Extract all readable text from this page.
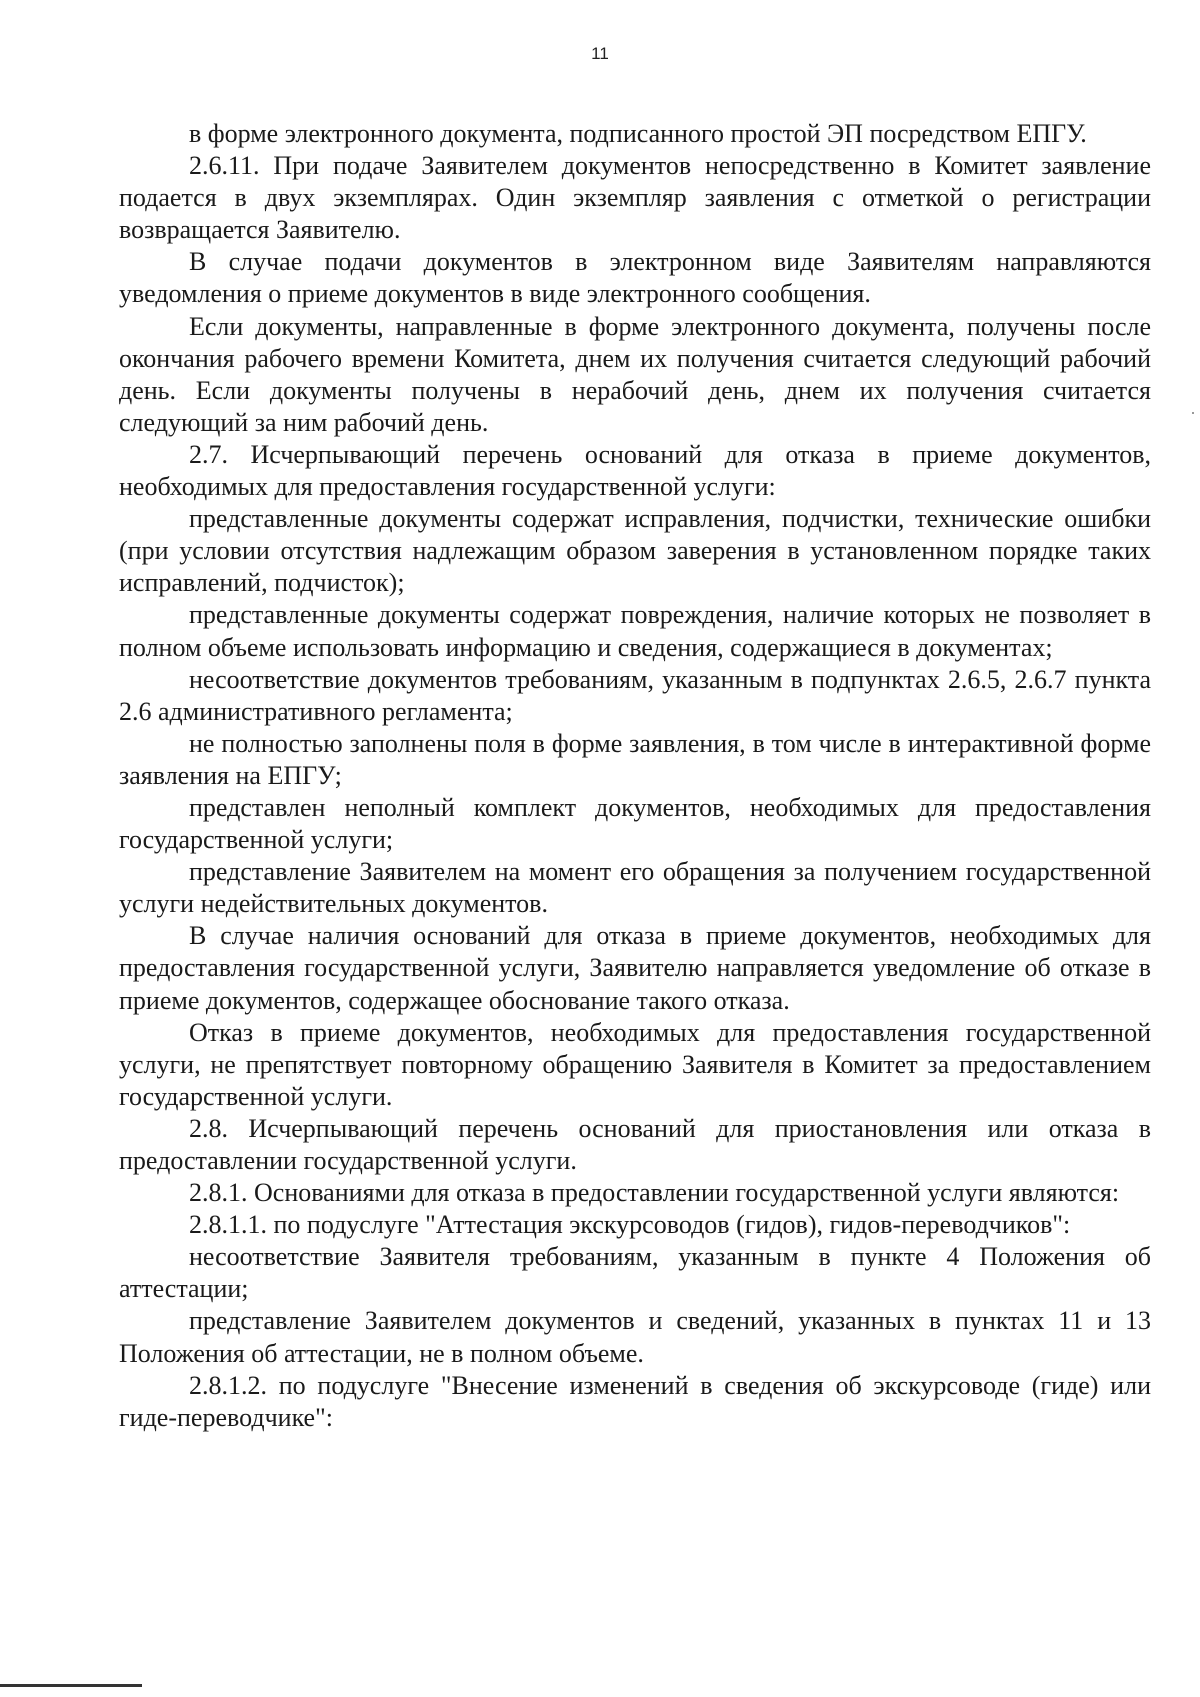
11

в форме электронного документа, подписанного простой ЭП посредством ЕПГУ.

2.6.11. При подаче Заявителем документов непосредственно в Комитет заявление подается в двух экземплярах. Один экземпляр заявления с отметкой о регистрации возвращается Заявителю.

В случае подачи документов в электронном виде Заявителям направляются уведомления о приеме документов в виде электронного сообщения.

Если документы, направленные в форме электронного документа, получены после окончания рабочего времени Комитета, днем их получения считается следующий рабочий день. Если документы получены в нерабочий день, днем их получения считается следующий за ним рабочий день.

2.7. Исчерпывающий перечень оснований для отказа в приеме документов, необходимых для предоставления государственной услуги:

представленные документы содержат исправления, подчистки, технические ошибки (при условии отсутствия надлежащим образом заверения в установленном порядке таких исправлений, подчисток);

представленные документы содержат повреждения, наличие которых не позволяет в полном объеме использовать информацию и сведения, содержащиеся в документах;

несоответствие документов требованиям, указанным в подпунктах 2.6.5, 2.6.7 пункта 2.6 административного регламента;

не полностью заполнены поля в форме заявления, в том числе в интерактивной форме заявления на ЕПГУ;

представлен неполный комплект документов, необходимых для предоставления государственной услуги;

представление Заявителем на момент его обращения за получением государственной услуги недействительных документов.

В случае наличия оснований для отказа в приеме документов, необходимых для предоставления государственной услуги, Заявителю направляется уведомление об отказе в приеме документов, содержащее обоснование такого отказа.

Отказ в приеме документов, необходимых для предоставления государственной услуги, не препятствует повторному обращению Заявителя в Комитет за предоставлением государственной услуги.

2.8. Исчерпывающий перечень оснований для приостановления или отказа в предоставлении государственной услуги.

2.8.1. Основаниями для отказа в предоставлении государственной услуги являются:

2.8.1.1. по подуслуге "Аттестация экскурсоводов (гидов), гидов-переводчиков":

несоответствие Заявителя требованиям, указанным в пункте 4 Положения об аттестации;

представление Заявителем документов и сведений, указанных в пунктах 11 и 13 Положения об аттестации, не в полном объеме.

2.8.1.2. по подуслуге "Внесение изменений в сведения об экскурсоводе (гиде) или гиде-переводчике":
